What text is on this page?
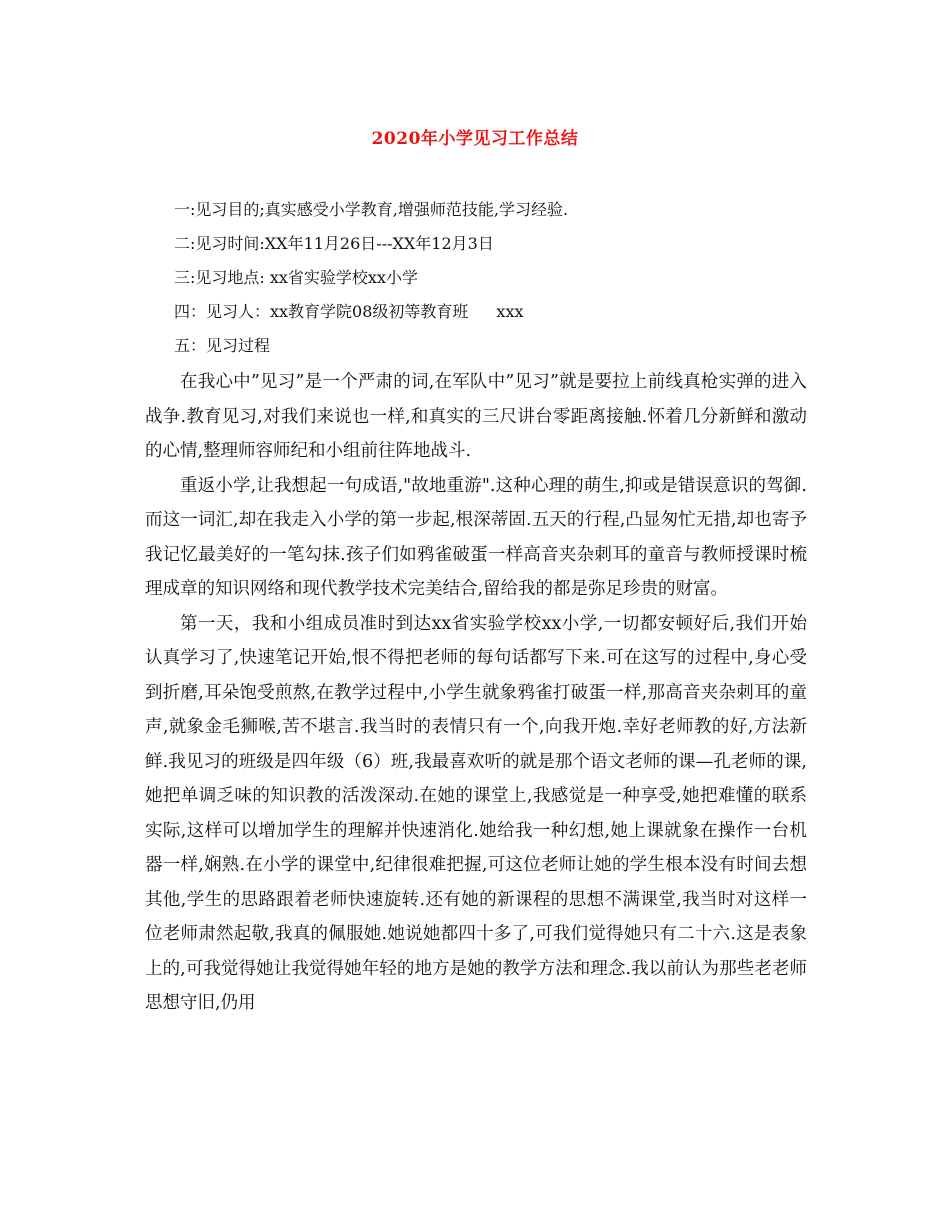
2020年小学见习工作总结
一:见习目的;真实感受小学教育,增强师范技能,学习经验.
二:见习时间:XX年11月26日---XX年12月3日
三:见习地点: xx省实验学校xx小学
四：见习人：xx教育学院08级初等教育班 xxx
五：见习过程

在我心中”见习”是一个严肃的词,在军队中”见习”就是要拉上前线真枪实弹的进入战争.教育见习,对我们来说也一样,和真实的三尺讲台零距离接触.怀着几分新鲜和激动的心情,整理师容师纪和小组前往阵地战斗.

重返小学,让我想起一句成语,"故地重游".这种心理的萌生,抑或是错误意识的驾御.而这一词汇,却在我走入小学的第一步起,根深蒂固.五天的行程,凸显匆忙无措,却也寄予我记忆最美好的一笔勾抹.孩子们如鸦雀破蛋一样高音夹杂刺耳的童音与教师授课时梳理成章的知识网络和现代教学技术完美结合,留给我的都是弥足珍贵的财富。

第一天，我和小组成员准时到达xx省实验学校xx小学,一切都安顿好后,我们开始认真学习了,快速笔记开始,恨不得把老师的每句话都写下来.可在这写的过程中,身心受到折磨,耳朵饱受煎熬,在教学过程中,小学生就象鸦雀打破蛋一样,那高音夹杂刺耳的童声,就象金毛狮喉,苦不堪言.我当时的表情只有一个,向我开炮.幸好老师教的好,方法新鲜.我见习的班级是四年级（6）班,我最喜欢听的就是那个语文老师的课—孔老师的课,她把单调乏味的知识教的活泼深动.在她的课堂上,我感觉是一种享受,她把难懂的联系实际,这样可以增加学生的理解并快速消化.她给我一种幻想,她上课就象在操作一台机器一样,娴熟.在小学的课堂中,纪律很难把握,可这位老师让她的学生根本没有时间去想其他,学生的思路跟着老师快速旋转.还有她的新课程的思想不满课堂,我当时对这样一位老师肃然起敬,我真的佩服她.她说她都四十多了,可我们觉得她只有二十六.这是表象上的,可我觉得她让我觉得她年轻的地方是她的教学方法和理念.我以前认为那些老老师思想守旧,仍用
